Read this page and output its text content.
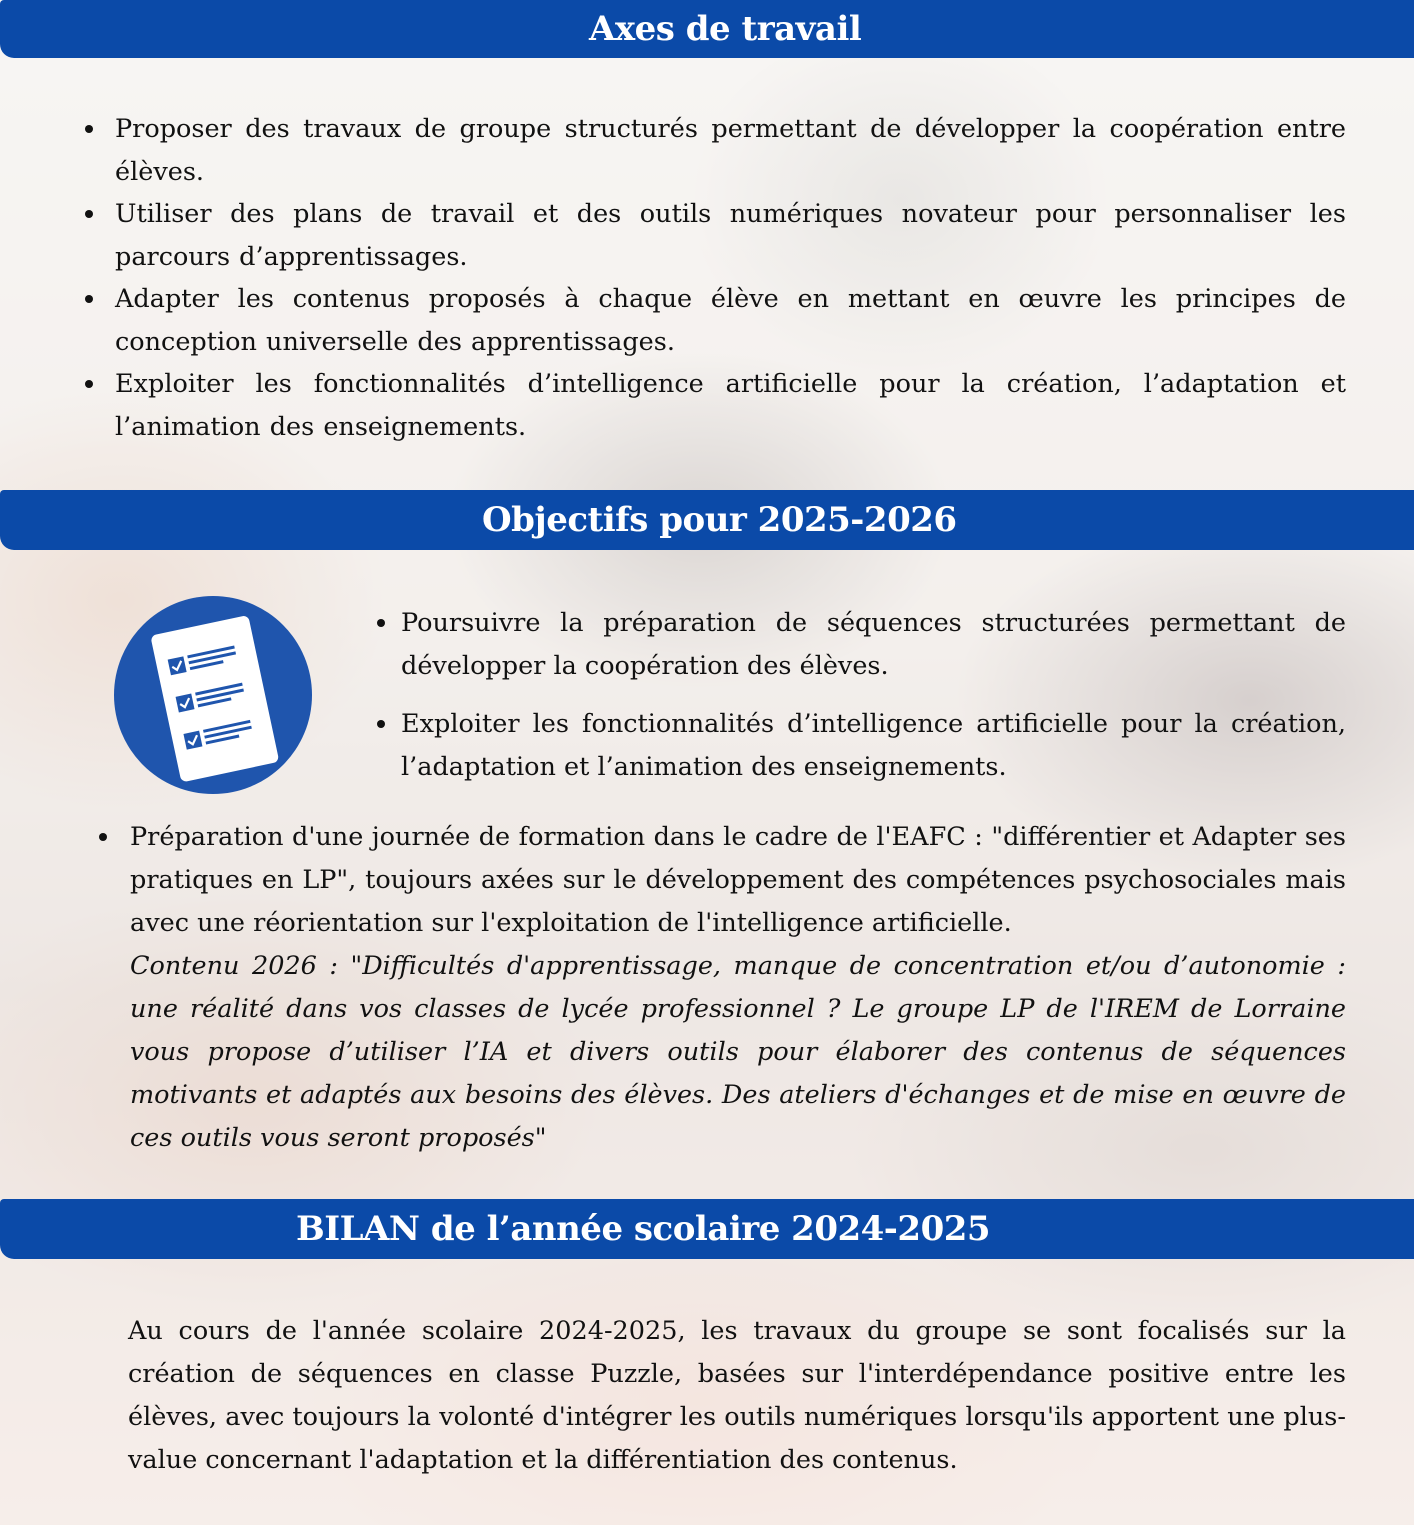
Axes de travail
Proposer des travaux de groupe structurés permettant de développer la coopération entre élèves.
Utiliser des plans de travail et des outils numériques novateur pour personnaliser les parcours d’apprentissages.
Adapter les contenus proposés à chaque élève en mettant en œuvre les principes de conception universelle des apprentissages.
Exploiter les fonctionnalités d’intelligence artificielle pour la création, l’adaptation et l’animation des enseignements.
Objectifs pour 2025-2026
Poursuivre la préparation de séquences structurées permettant de développer la coopération des élèves.
Exploiter les fonctionnalités d’intelligence artificielle pour la création, l’adaptation et l’animation des enseignements.
Préparation d'une journée de formation dans le cadre de l'EAFC : "différentier et Adapter ses pratiques en LP", toujours axées sur le développement des compétences psychosociales mais avec une réorientation sur l'exploitation de l'intelligence artificielle.
Contenu 2026 : "Difficultés d'apprentissage, manque de concentration et/ou d’autonomie : une réalité dans vos classes de lycée professionnel ? Le groupe LP de l'IREM de Lorraine vous propose d’utiliser l’IA et divers outils pour élaborer des contenus de séquences motivants et adaptés aux besoins des élèves. Des ateliers d'échanges et de mise en œuvre de ces outils vous seront proposés"
BILAN de l’année scolaire 2024-2025
Au cours de l'année scolaire 2024-2025, les travaux du groupe se sont focalisés sur la création de séquences en classe Puzzle, basées sur l'interdépendance positive entre les élèves, avec toujours la volonté d'intégrer les outils numériques lorsqu'ils apportent une plus-value concernant l'adaptation et la différentiation des contenus.
